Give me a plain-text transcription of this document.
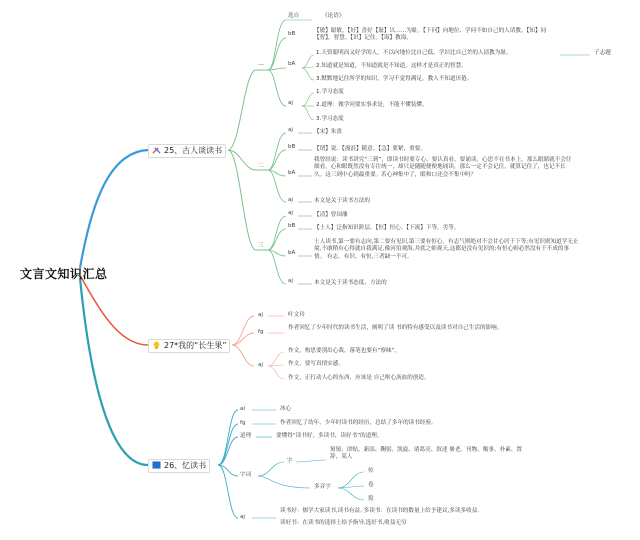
文言文知识汇总
25、古人谈读书
一
二
三
选自	《论语》
bB	【敏】聪敏。【好】喜好【耻】以……为耻。【下问】向地位、学问不如自己的人请教。【知】同【智】，智慧。【识】记住。【诲】教诲。
bA
1.天资聪明而又好学的人，不以向地位比自己低、学识比自己差的人请教为耻。	子志题
2.知道就是知道，不知道就是不知道，这样才是真正的智慧。
3.默默地记住所学的知识，学习不觉得满足，教人不知道厌倦。
aj
1.学习态度
2.道理：做学问要实事求是，不能不懂装懂。
3.学习态度
aj	【宋】朱熹
bB	【谓】说。【漫浪】随意。【急】要紧，重要。
bA
我曾经说：读书讲究“三到”，即读书时要专心、要认真看、要诵读。心思不在书本上，那么眼睛就不会仔细看，心和眼既然没有专注统一，却只是随随便便地诵读，那么一定不会记住，就算记住了，也记不长久。这三到中心到最重要。若心神集中了，眼和口还会不集中吗？
aj	本文是关于读书方法的
aj	【清】曾国藩
bB	【士人】泛指知识阶层。【恒】恒心。【下流】下等，劣等。
bA
士人读书,第一要有志向,第二要有见识,第三要有恒心。有志气则绝对不会甘心居于下等;有见识则知道学无止境,不敢稍有心得就自我满足,像河伯观海,井底之蛙观天,这都是没有见识的;有恒心则必然没有干不成的事情。 有志、有识、有恒,三者缺一不可。
aj	本文是关于读书态度、方法的
27*我的“长生果”
aj	叶文玲
fg
作者回忆了少年时代的读书生活，阐明了读 书的特有感受以及读书对自己生活的影响。
aj
作文，构思要别出心裁，落笔也要有“察味”。
作文，要写真情实感。
作文，正打动人心的东西，应该是 自己呕心沥血的创造。
26、忆读书
al	冰心
fg	作者回忆了幼年、少年时读书的经历，总结了多年的读书经验。
道理	要懂得“读书好，多读书，读好书”的道理。
字词
字
舅舅、津贴、新添、鞠躬、凯旋、诸葛亮、叙述 褒老、刊物、嗡事、朴素、置辞、某人
多音字
传
卷
鬓
aj
读书好：儒学大家读书,读书有益, 多读书：在读书的数量上给予建议,多读多收益.
读好书：在读书的选择上给予指导,选好书,收益无穷
